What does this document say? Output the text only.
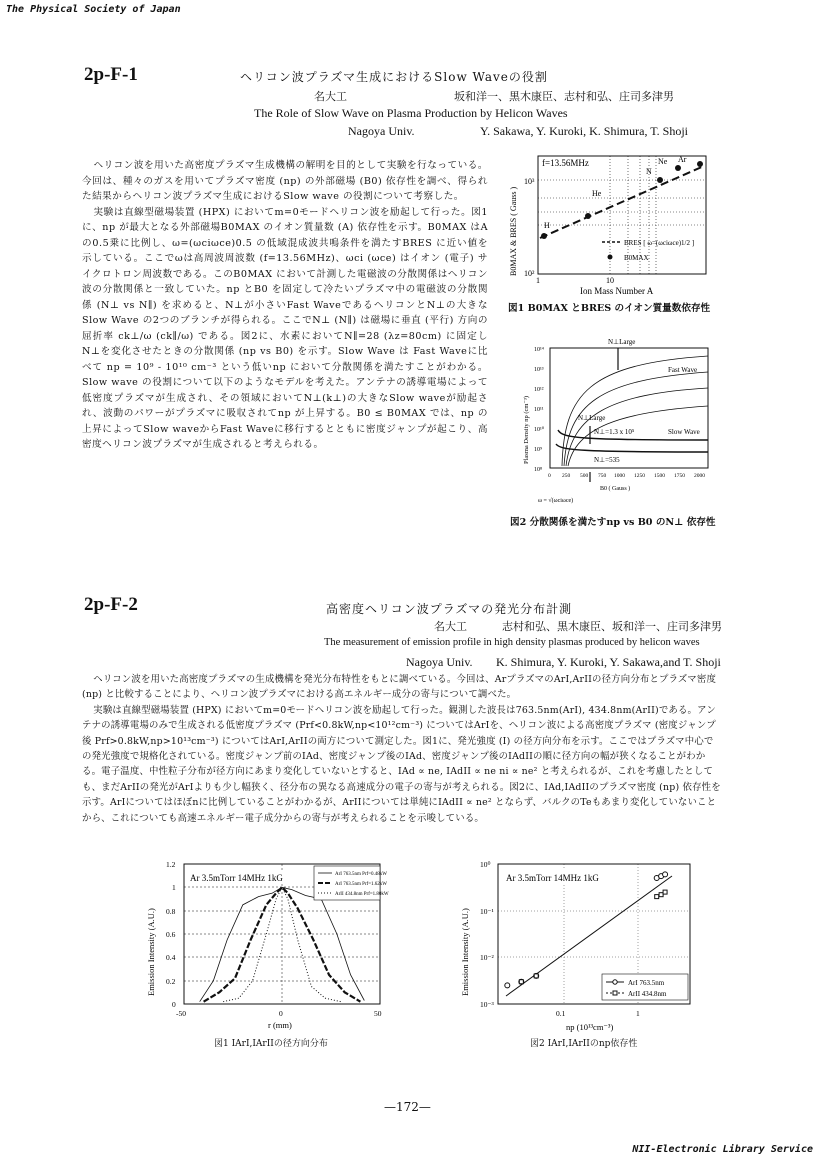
The Physical Society of Japan
2p-F-1	ヘリコン波プラズマ生成におけるSlow Waveの役割
名大工	坂和洋一、黒木康臣、志村和弘、庄司多津男
The Role of Slow Wave on Plasma Production by Helicon Waves
Nagoya Univ.	Y. Sakawa, Y. Kuroki, K. Shimura, T. Shoji

ヘリコン波を用いた高密度プラズマ生成機構の解明を目的として実験を行なっている。今回は、種々のガスを用いてプラズマ密度 (np) の外部磁場 (B0) 依存性を調べ、得られた結果からヘリコン波プラズマ生成におけるSlow wave の役割について考察した。

実験は直線型磁場装置 (HPX) においてm=0モードヘリコン波を励起して行った。図1に、np が最大となる外部磁場B0MAX のイオン質量数 (A) 依存性を示す。B0MAX はAの0.5乗に比例し、ω=(ωciωce)0.5 の低域混成波共鳴条件を満たすBRES に近い値を示している。ここでωは高周波周波数 (f=13.56MHz)、ωci (ωce) はイオン (電子) サイクロトロン周波数である。このB0MAX において計測した電磁波の分散関係はヘリコン波の分散関係と一致していた。np とB0 を固定して冷たいプラズマ中の電磁波の分散関係 (N⊥ vs N∥) を求めると、N⊥が小さいFast WaveであるヘリコンとN⊥の大きなSlow Wave の2つのブランチが得られる。ここでN⊥ (N∥) は磁場に垂直 (平行) 方向の屈折率 ck⊥/ω (ck∥/ω) である。図2に、水素においてN∥=28 (λz=80cm) に固定しN⊥を変化させたときの分散関係 (np vs B0) を示す。Slow Wave は Fast Waveに比べて np = 10⁹ - 10¹⁰ cm⁻³ という低いnp において分散関係を満たすことがわかる。Slow wave の役割について以下のようなモデルを考えた。アンテナの誘導電場によって低密度プラズマが生成され、その領域においてN⊥(k⊥)の大きなSlow waveが励起され、波動のパワーがプラズマに吸収されてnp が上昇する。B0 ≤ B0MAX では、np の上昇によってSlow waveからFast Waveに移行するとともに密度ジャンプが起こり、高密度ヘリコン波プラズマが生成されると考えられる。

f=13.56MHz
H
He
N
Ne Ar
BRES [ ω=(ωciωce)1/2 ]
B0MAX
10³
10²
1	10
Ion Mass Number A
B0MAX & BRES ( Gauss )
図1 B0MAX とBRES のイオン質量数依存性
N⊥Large
Fast Wave
N⊥Large
N⊥=1.3 x 10⁵	Slow Wave
N⊥=535
10¹⁴
10¹³
10¹²
10¹¹
10¹⁰
10⁹
10⁸
0 250 500 750 1000 1250 1500 1750 2000
B0 ( Gauss )
ω = √(ωciωce)
Plasma Density np (cm⁻³)
図2 分散関係を満たすnp vs B0 のN⊥ 依存性
2p-F-2	高密度ヘリコン波プラズマの発光分布計測
名大工	志村和弘、黒木康臣、坂和洋一、庄司多津男
The measurement of emission profile in high density plasmas produced by helicon waves
Nagoya Univ. K. Shimura, Y. Kuroki, Y. Sakawa,and T. Shoji

ヘリコン波を用いた高密度プラズマの生成機構を発光分布特性をもとに調べている。今回は、ArプラズマのArI,ArIIの径方向分布とプラズマ密度 (np) と比較することにより、ヘリコン波プラズマにおける高エネルギー成分の寄与について調べた。

実験は直線型磁場装置 (HPX) においてm=0モードヘリコン波を励起して行った。観測した波長は763.5nm(ArI), 434.8nm(ArII)である。アンテナの誘導電場のみで生成される低密度プラズマ (Prf<0.8kW,np<10¹²cm⁻³) についてはArIを、ヘリコン波による高密度プラズマ (密度ジャンプ後 Prf>0.8kW,np>10¹³cm⁻³) についてはArI,ArIIの両方について測定した。図1に、発光強度 (I) の径方向分布を示す。ここではプラズマ中心での発光強度で規格化されている。密度ジャンプ前のIAd、密度ジャンプ後のIAd、密度ジャンプ後のIAdIIの順に径方向の幅が狭くなることがわかる。電子温度、中性粒子分布が径方向にあまり変化していないとすると、IAd ∝ ne, IAdII ∝ ne ni ∝ ne² と考えられるが、これを考慮したとしても、まだArIIの発光がArIよりも少し幅狭く、径分布の異なる高速成分の電子の寄与が考えられる。図2に、IAd,IAdIIのプラズマ密度 (np) 依存性を示す。ArIについてはほぼnに比例していることがわかるが、ArIIについては単純にIAdII ∝ ne² とならず、バルクのTeもあまり変化していないことから、これについても高速エネルギー電子成分からの寄与が考えられることを示唆している。

ArI 763.5nm Prf=0.48kW
ArI 763.5nm Prf=1.62kW
ArII 434.8nm Prf=1.80kW
Ar 3.5mTorr 14MHz 1kG
1.2
1
0.8
0.6
0.4
0.2
0
-50	0	50
r (mm)
Emission Intensity (A.U.)
図1 IArI,IArIIの径方向分布
Ar 3.5mTorr 14MHz 1kG
ArI 763.5nm
ArII 434.8nm
10⁰
10⁻¹
10⁻²
10⁻³
0.1	1
np (10¹³cm⁻³)
Emission Intensity (A.U.)
図2 IArI,IArIIのnp依存性
—172—
NII-Electronic Library Service
